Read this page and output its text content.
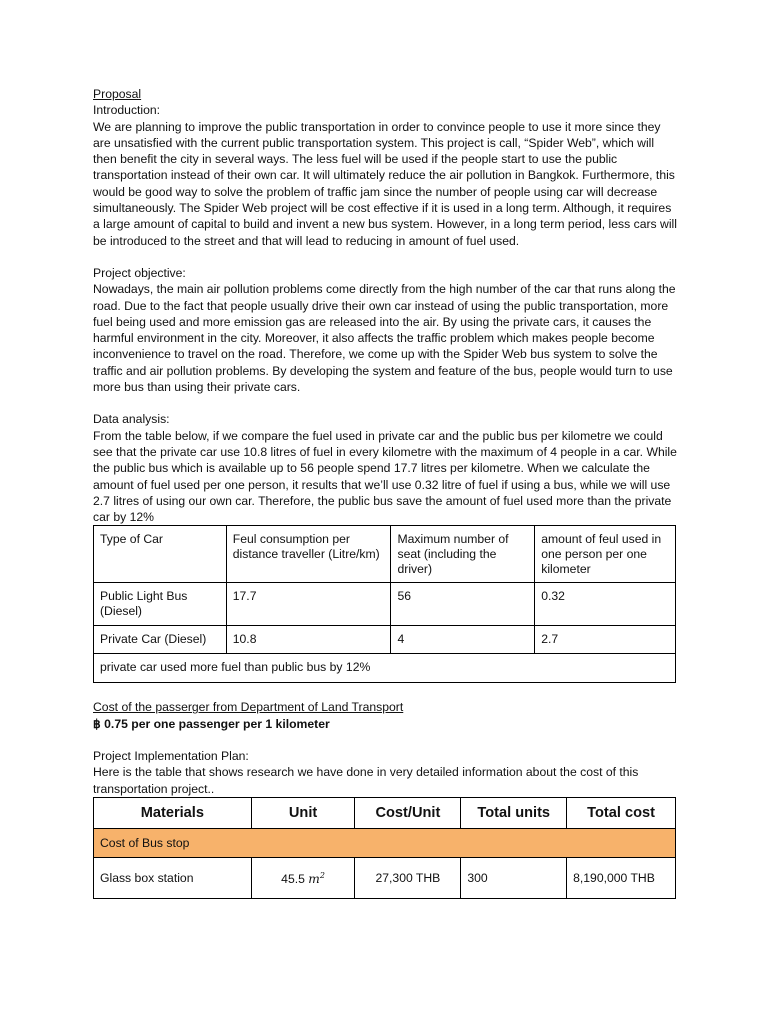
Proposal

Introduction:

We are planning to improve the public transportation in order to convince people to use it more since they are unsatisfied with the current public transportation system. This project is call, “Spider Web”, which will then benefit the city in several ways. The less fuel will be used if the people start to use the public transportation instead of their own car. It will ultimately reduce the air pollution in Bangkok. Furthermore, this would be good way to solve the problem of traffic jam since the number of people using car will decrease simultaneously. The Spider Web project will be cost effective if it is used in a long term. Although, it requires a large amount of capital to build and invent a new bus system. However, in a long term period, less cars will be introduced to the street and that will lead to reducing in amount of fuel used.

Project objective:

Nowadays, the main air pollution problems come directly from the high number of the car that runs along the road. Due to the fact that people usually drive their own car instead of using the public transportation, more fuel being used and more emission gas are released into the air. By using the private cars, it causes the harmful environment in the city. Moreover, it also affects the traffic problem which makes people become inconvenience to travel on the road. Therefore, we come up with the Spider Web bus system to solve the traffic and air pollution problems. By developing the system and feature of the bus, people would turn to use more bus than using their private cars.

Data analysis:

From the table below, if we compare the fuel used in private car and the public bus per kilometre we could see that the private car use 10.8 litres of fuel in every kilometre with the maximum of 4 people in a car. While the public bus which is available up to 56 people spend 17.7 litres per kilometre. When we calculate the amount of fuel used per one person, it results that we’ll use 0.32 litre of fuel if using a bus, while we will use 2.7 litres of using our own car. Therefore, the public bus save the amount of fuel used more than the private car by 12%

Type of Car	Feul consumption per distance traveller (Litre/km)	Maximum number of seat (including the driver)	amount of feul used in one person per one kilometer
Public Light Bus (Diesel)	17.7	56	0.32
Private Car (Diesel)	10.8	4	2.7
private car used more fuel than public bus by 12%			

Cost of the passerger from Department of Land Transport

฿ 0.75 per one passenger per 1 kilometer

Project Implementation Plan:

Here is the table that shows research we have done in very detailed information about the cost of this transportation project..

Materials	Unit	Cost/Unit	Total units	Total cost
Cost of Bus stop				
Glass box station	45.5 $m^2$	27,300 THB	300	8,190,000 THB
